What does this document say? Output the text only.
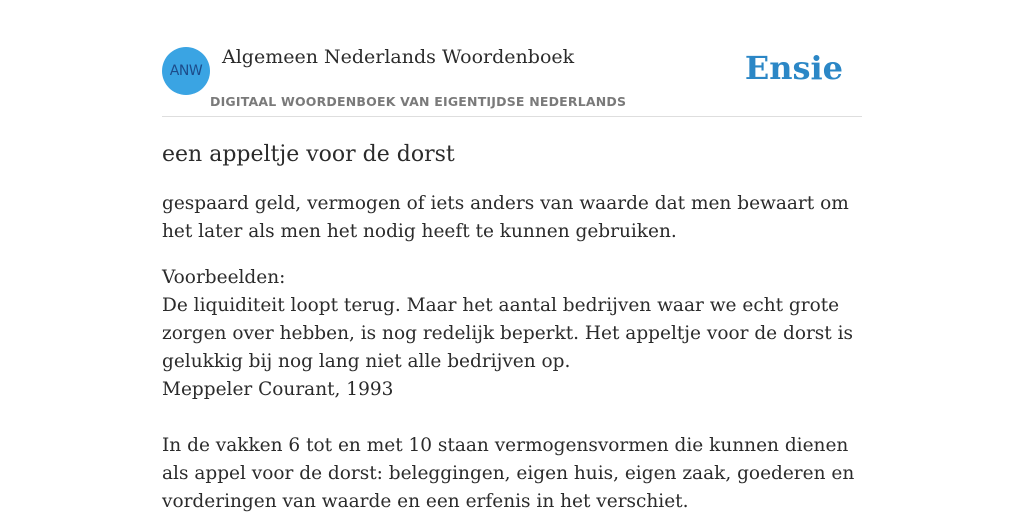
ANW
Algemeen Nederlands Woordenboek
DIGITAAL WOORDENBOEK VAN EIGENTIJDSE NEDERLANDS
Ensie
een appeltje voor de dorst

gespaard geld, vermogen of iets anders van waarde dat men bewaart om het later als men het nodig heeft te kunnen gebruiken.

Voorbeelden:
De liquiditeit loopt terug. Maar het aantal bedrijven waar we echt grote zorgen over hebben, is nog redelijk beperkt. Het appeltje voor de dorst is gelukkig bij nog lang niet alle bedrijven op.
Meppeler Courant, 1993
In de vakken 6 tot en met 10 staan vermogensvormen die kunnen dienen als appel voor de dorst: beleggingen, eigen huis, eigen zaak, goederen en vorderingen van waarde en een erfenis in het verschiet.
